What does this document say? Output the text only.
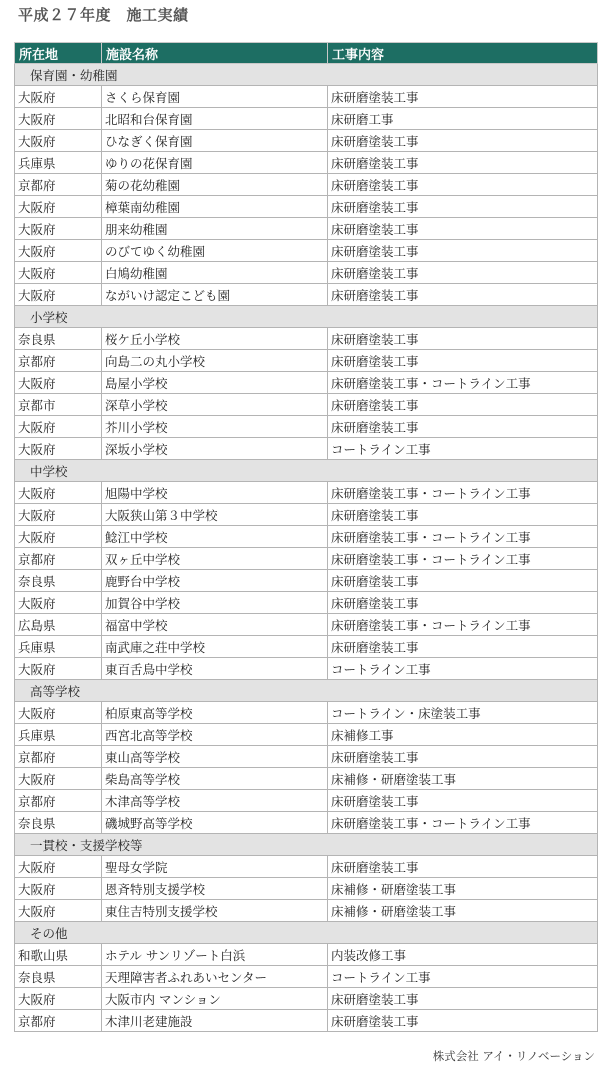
平成２７年度　施工実績
所在地	施設名称	工事内容
保育園・幼稚園		
大阪府	さくら保育園	床研磨塗装工事
大阪府	北昭和台保育園	床研磨工事
大阪府	ひなぎく保育園	床研磨塗装工事
兵庫県	ゆりの花保育園	床研磨塗装工事
京都府	菊の花幼稚園	床研磨塗装工事
大阪府	樟葉南幼稚園	床研磨塗装工事
大阪府	朋来幼稚園	床研磨塗装工事
大阪府	のびてゆく幼稚園	床研磨塗装工事
大阪府	白鳩幼稚園	床研磨塗装工事
大阪府	ながいけ認定こども園	床研磨塗装工事
小学校		
奈良県	桜ケ丘小学校	床研磨塗装工事
京都府	向島二の丸小学校	床研磨塗装工事
大阪府	島屋小学校	床研磨塗装工事・コートライン工事
京都市	深草小学校	床研磨塗装工事
大阪府	芥川小学校	床研磨塗装工事
大阪府	深坂小学校	コートライン工事
中学校		
大阪府	旭陽中学校	床研磨塗装工事・コートライン工事
大阪府	大阪狭山第３中学校	床研磨塗装工事
大阪府	鯰江中学校	床研磨塗装工事・コートライン工事
京都府	双ヶ丘中学校	床研磨塗装工事・コートライン工事
奈良県	鹿野台中学校	床研磨塗装工事
大阪府	加賀谷中学校	床研磨塗装工事
広島県	福富中学校	床研磨塗装工事・コートライン工事
兵庫県	南武庫之荘中学校	床研磨塗装工事
大阪府	東百舌鳥中学校	コートライン工事
高等学校		
大阪府	柏原東高等学校	コートライン・床塗装工事
兵庫県	西宮北高等学校	床補修工事
京都府	東山高等学校	床研磨塗装工事
大阪府	柴島高等学校	床補修・研磨塗装工事
京都府	木津高等学校	床研磨塗装工事
奈良県	磯城野高等学校	床研磨塗装工事・コートライン工事
一貫校・支援学校等		
大阪府	聖母女学院	床研磨塗装工事
大阪府	恩斉特別支援学校	床補修・研磨塗装工事
大阪府	東住吉特別支援学校	床補修・研磨塗装工事
その他		
和歌山県	ホテル サンリゾート白浜	内装改修工事
奈良県	天理障害者ふれあいセンター	コートライン工事
大阪府	大阪市内 マンション	床研磨塗装工事
京都府	木津川老建施設	床研磨塗装工事
株式会社 アイ・リノベーション
